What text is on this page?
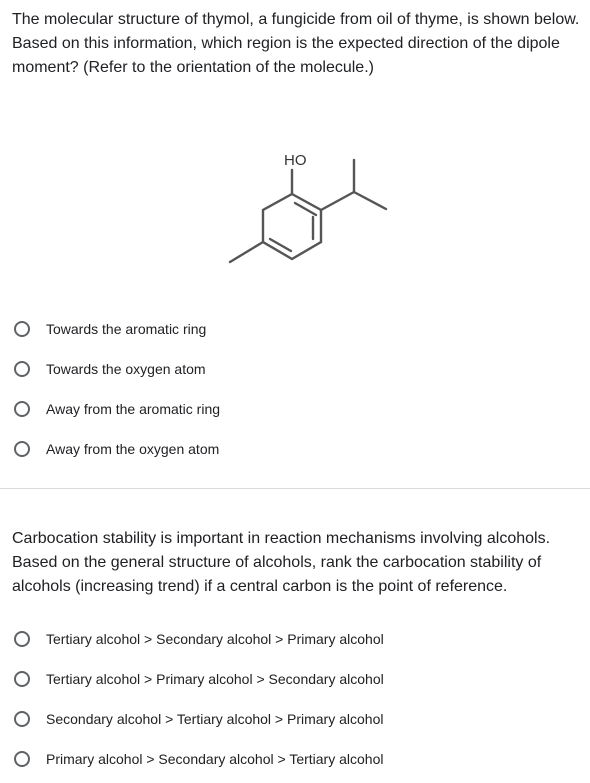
The molecular structure of thymol, a fungicide from oil of thyme, is shown below. Based on this information, which region is the expected direction of the dipole moment? (Refer to the orientation of the molecule.)
HO
Towards the aromatic ring
Towards the oxygen atom
Away from the aromatic ring
Away from the oxygen atom
Carbocation stability is important in reaction mechanisms involving alcohols. Based on the general structure of alcohols, rank the carbocation stability of alcohols (increasing trend) if a central carbon is the point of reference.
Tertiary alcohol > Secondary alcohol > Primary alcohol
Tertiary alcohol > Primary alcohol > Secondary alcohol
Secondary alcohol > Tertiary alcohol > Primary alcohol
Primary alcohol > Secondary alcohol > Tertiary alcohol
